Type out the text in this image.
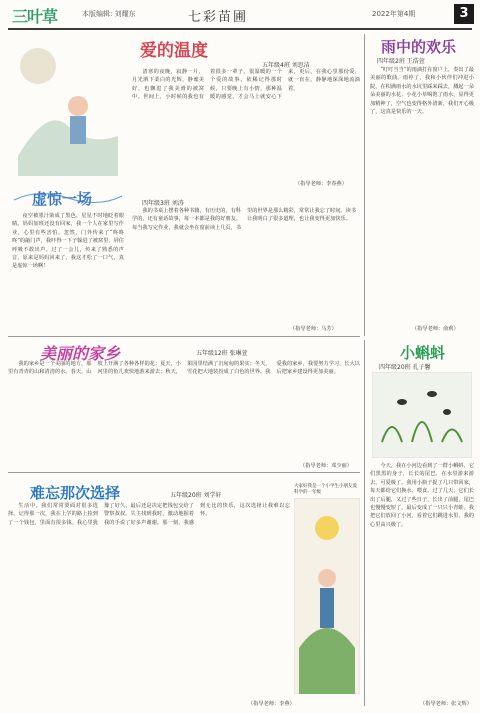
三叶草	本版编辑: 刘耀东	七彩苗圃	2022年第4期	3
爱的温度
五年级4班 刘思洁

清寒的夜晚，寂静一片，月光洒下柔白的光辉，静谧美好，也飘进了我美滑的被窝中。世间上，小时候的我也有着很多一辈子，很温暖的一个个爱的故事。依稀记得那时候，只要晚上有小情，那种温暖的感觉，才会马上就安心下来，更后，在我心里那份爱，就一直在，静静地深深地流淌着。

（指导老师：李春燕）
雨中的欢乐
四年级2班 王浩萱

“叮叮当当”的雨滴打在窗户上，奏出了最美丽的歌曲。雨停了，我和小伙伴们冲进小院，在积满雨水的水坑里踩来踩去，溅起一朵朵美丽的水花。小花小草喝饱了雨水，显得更加精神了，空气也变得格外清新，我们开心极了，这真是快乐的一天。

（指导老师：俞莉）
虚惊一场

夜空被墨汁染成了黑色，星星不时地眨着眼睛。妈妈加班还没有回家，我一个人在家里写作业，心里有些害怕。忽然，门外传来了“咚咚咚”的敲门声，我吓得一下子躲进了被窝里，屏住呼吸不敢出声。过了一会儿，传来了熟悉的声音，原来是妈妈回来了，我这才松了一口气，真是虚惊一场啊！

四年级3班 刘涛

我的书桌上摆着各种书籍，有历史的，有科学的，还有童话故事，每一本都是我的好朋友。每当我写完作业，我就会坐在窗前读上几页，书里的世界是那么精彩，常常让我忘了时间。读书让我明白了很多道理，也让我变得更加快乐。

（指导老师：马芳）
美丽的家乡	五年级12班 张琳萱

我的家乡是一个美丽的地方，那里有青青的山和清清的水。春天，山坡上开满了各种各样的花；夏天，小河里的鱼儿欢快地游来游去；秋天，果园里结满了沉甸甸的果实；冬天，雪花把大地装扮成了白色的世界。我爱我的家乡，我要努力学习，长大以后把家乡建设得更加美丽。

（指导老师：邓少丽）
小蝌蚪
四年级20班 孔子馨

今天，我在小河边看到了一群小蝌蚪，它们黑黑的身子，长长的尾巴，在水里游来游去，可爱极了。我用小瓶子捉了几只带回家，每天都给它们换水、喂食。过了几天，它们长出了后腿，又过了些日子，长出了前腿，尾巴也慢慢变短了，最后变成了一只只小青蛙。我把它们放回了小河，看着它们跳进水里，我的心里高兴极了。

（指导老师：张文辉）
难忘那次选择	五年级20班 刘学轩

生活中，我们常常要面对很多选择。记得那一次，我在上学的路上捡到了一个钱包，里面有很多钱。我心里犹豫了好久，最后还是决定把钱包交给了警察叔叔。失主找到我时，激动地握着我的手说了好多声谢谢。那一刻，我感到无比的快乐，这次选择让我难以忘怀。

（指导老师：李燕）
大家好我是一个小学生小朋友爱科学的一年级
